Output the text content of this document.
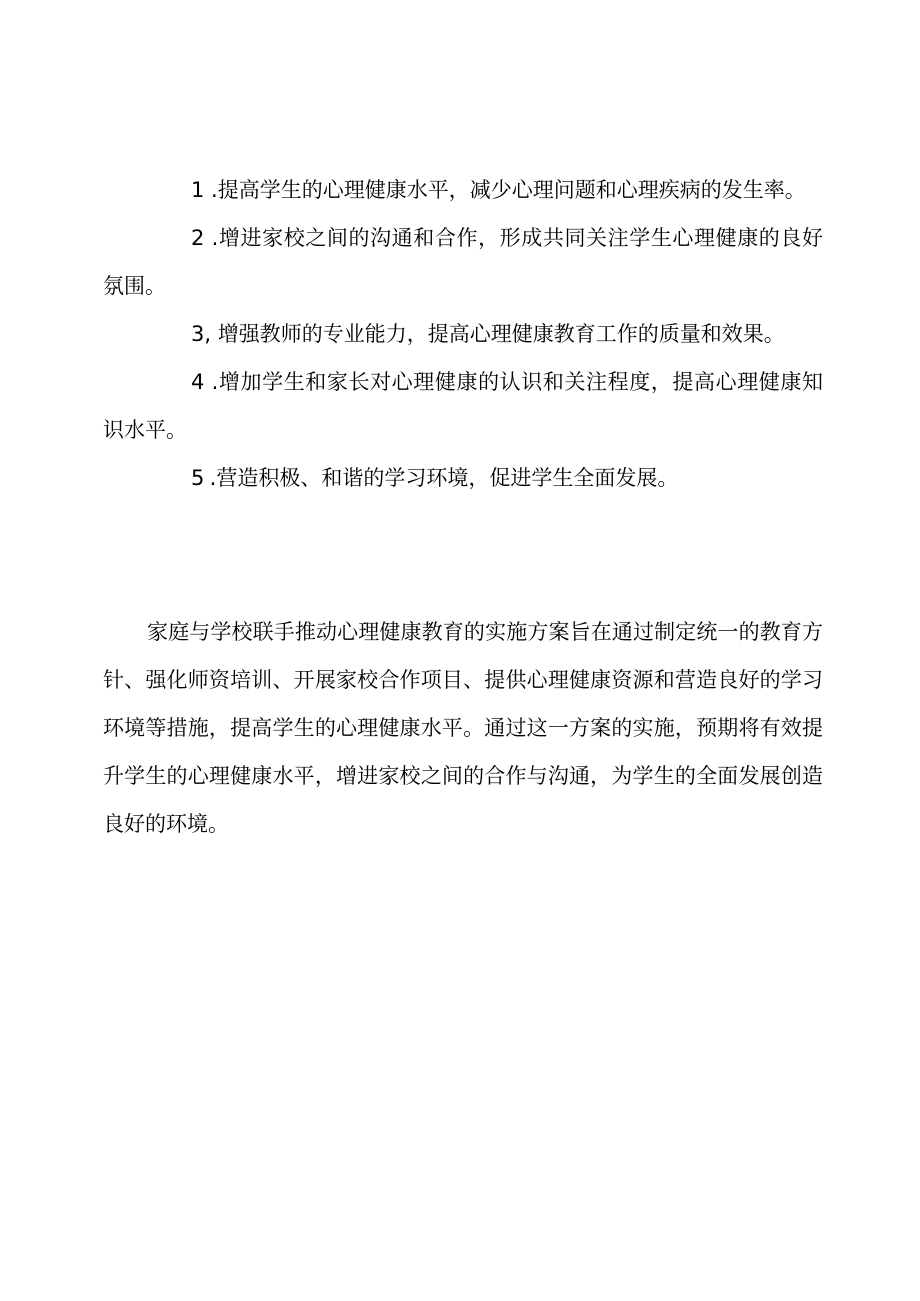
1 .提高学生的心理健康水平，减少心理问题和心理疾病的发生率。

2 .增进家校之间的沟通和合作，形成共同关注学生心理健康的良好氛围。

3, 增强教师的专业能力，提高心理健康教育工作的质量和效果。

4 .增加学生和家长对心理健康的认识和关注程度，提高心理健康知识水平。

5 .营造积极、和谐的学习环境，促进学生全面发展。

家庭与学校联手推动心理健康教育的实施方案旨在通过制定统一的教育方针、强化师资培训、开展家校合作项目、提供心理健康资源和营造良好的学习环境等措施，提高学生的心理健康水平。通过这一方案的实施，预期将有效提升学生的心理健康水平，增进家校之间的合作与沟通，为学生的全面发展创造良好的环境。
